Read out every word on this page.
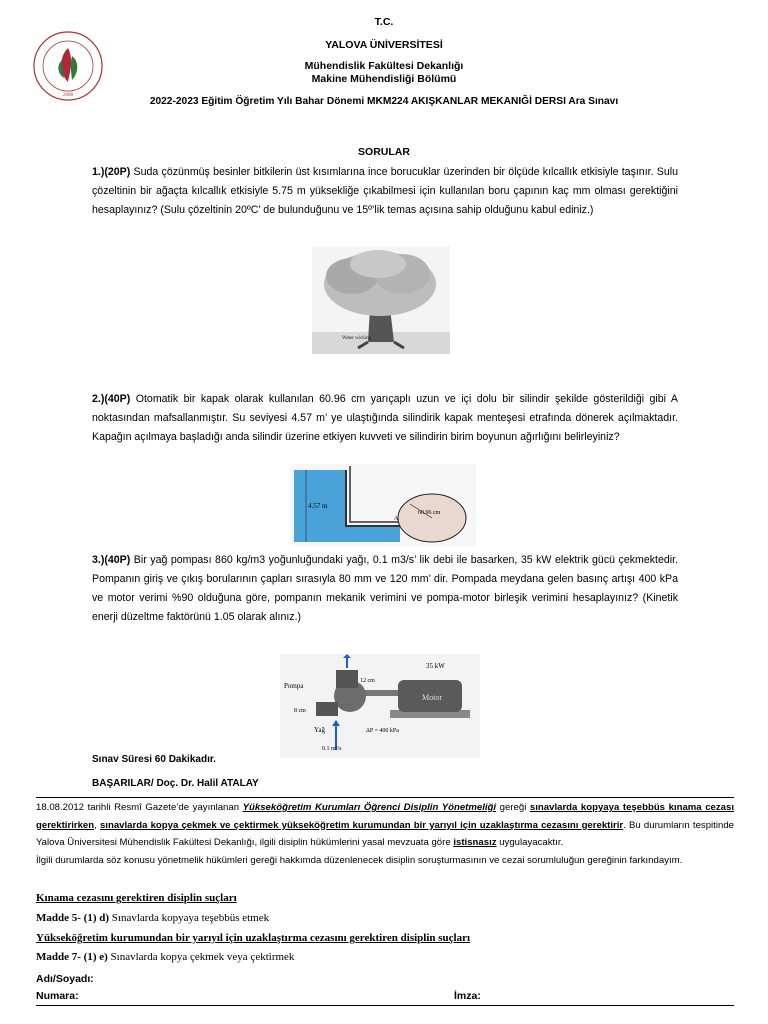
2008
T.C.
YALOVA ÜNİVERSİTESİ
Mühendislik Fakültesi Dekanlığı
Makine Mühendisliği Bölümü
2022-2023 Eğitim Öğretim Yılı Bahar Dönemi MKM224 AKIŞKANLAR MEKANIĞİ DERSI Ara Sınavı
SORULAR
1.)(20P) Suda çözünmüş besinler bitkilerin üst kısımlarına ince borucuklar üzerinden bir ölçüde kılcallık etkisiyle taşınır. Sulu çözeltinin bir ağaçta kılcallık etkisiyle 5.75 m yüksekliğe çıkabilmesi için kullanılan boru çapının kaç mm olması gerektiğini hesaplayınız? (Sulu çözeltinin 20ºC’ de bulunduğunu ve 15º’lik temas açısına sahip olduğunu kabul ediniz.)
Water wicking
2.)(40P) Otomatik bir kapak olarak kullanılan 60.96 cm yarıçaplı uzun ve içi dolu bir silindir şekilde gösterildiği gibi A noktasından mafsallanmıştır. Su seviyesi 4.57 m’ ye ulaştığında silindirik kapak menteşesi etrafında dönerek açılmaktadır. Kapağın açılmaya başladığı anda silindir üzerine etkiyen kuvveti ve silindirin birim boyunun ağırlığını belirleyiniz?
4.57 m
60.96 cm
A
3.)(40P) Bir yağ pompası 860 kg/m3 yoğunluğundaki yağı, 0.1 m3/s’ lik debi ile basarken, 35 kW elektrik gücü çekmektedir. Pompanın giriş ve çıkış borularının çapları sırasıyla 80 mm ve 120 mm’ dir. Pompada meydana gelen basınç artışı 400 kPa ve motor verimi %90 olduğuna göre, pompanın mekanik verimini ve pompa-motor birleşik verimini hesaplayınız? (Kinetik enerji düzeltme faktörünü 1.05 olarak alınız.)
Motor
35 kW
Pompa
12 cm
8 cm
Yağ	ΔP = 400 kPa
0.1 m³/s
Sınav Süresi 60 Dakikadır.
BAŞARILAR/ Doç. Dr. Halil ATALAY
18.08.2012 tarihli Resmî Gazete’de yayınlanan Yükseköğretim Kurumları Öğrenci Disiplin Yönetmeliği gereği sınavlarda kopyaya teşebbüs kınama cezası gerektirirken, sınavlarda kopya çekmek ve çektirmek yükseköğretim kurumundan bir yarıyıl için uzaklaştırma cezasını gerektirir. Bu durumların tespitinde Yalova Üniversitesi Mühendislik Fakültesi Dekanlığı, ilgili disiplin hükümlerini yasal mevzuata göre istisnasız uygulayacaktır.
İlgili durumlarda söz konusu yönetmelik hükümleri gereği hakkımda düzenlenecek disiplin soruşturmasının ve cezai sorumluluğun gereğinin farkındayım.
Kınama cezasını gerektiren disiplin suçları
Madde 5- (1) d) Sınavlarda kopyaya teşebbüs etmek
Yükseköğretim kurumundan bir yarıyıl için uzaklaştırma cezasını gerektiren disiplin suçları
Madde 7- (1) e) Sınavlarda kopya çekmek veya çektirmek
Adı/Soyadı:
Numara:	İmza:
